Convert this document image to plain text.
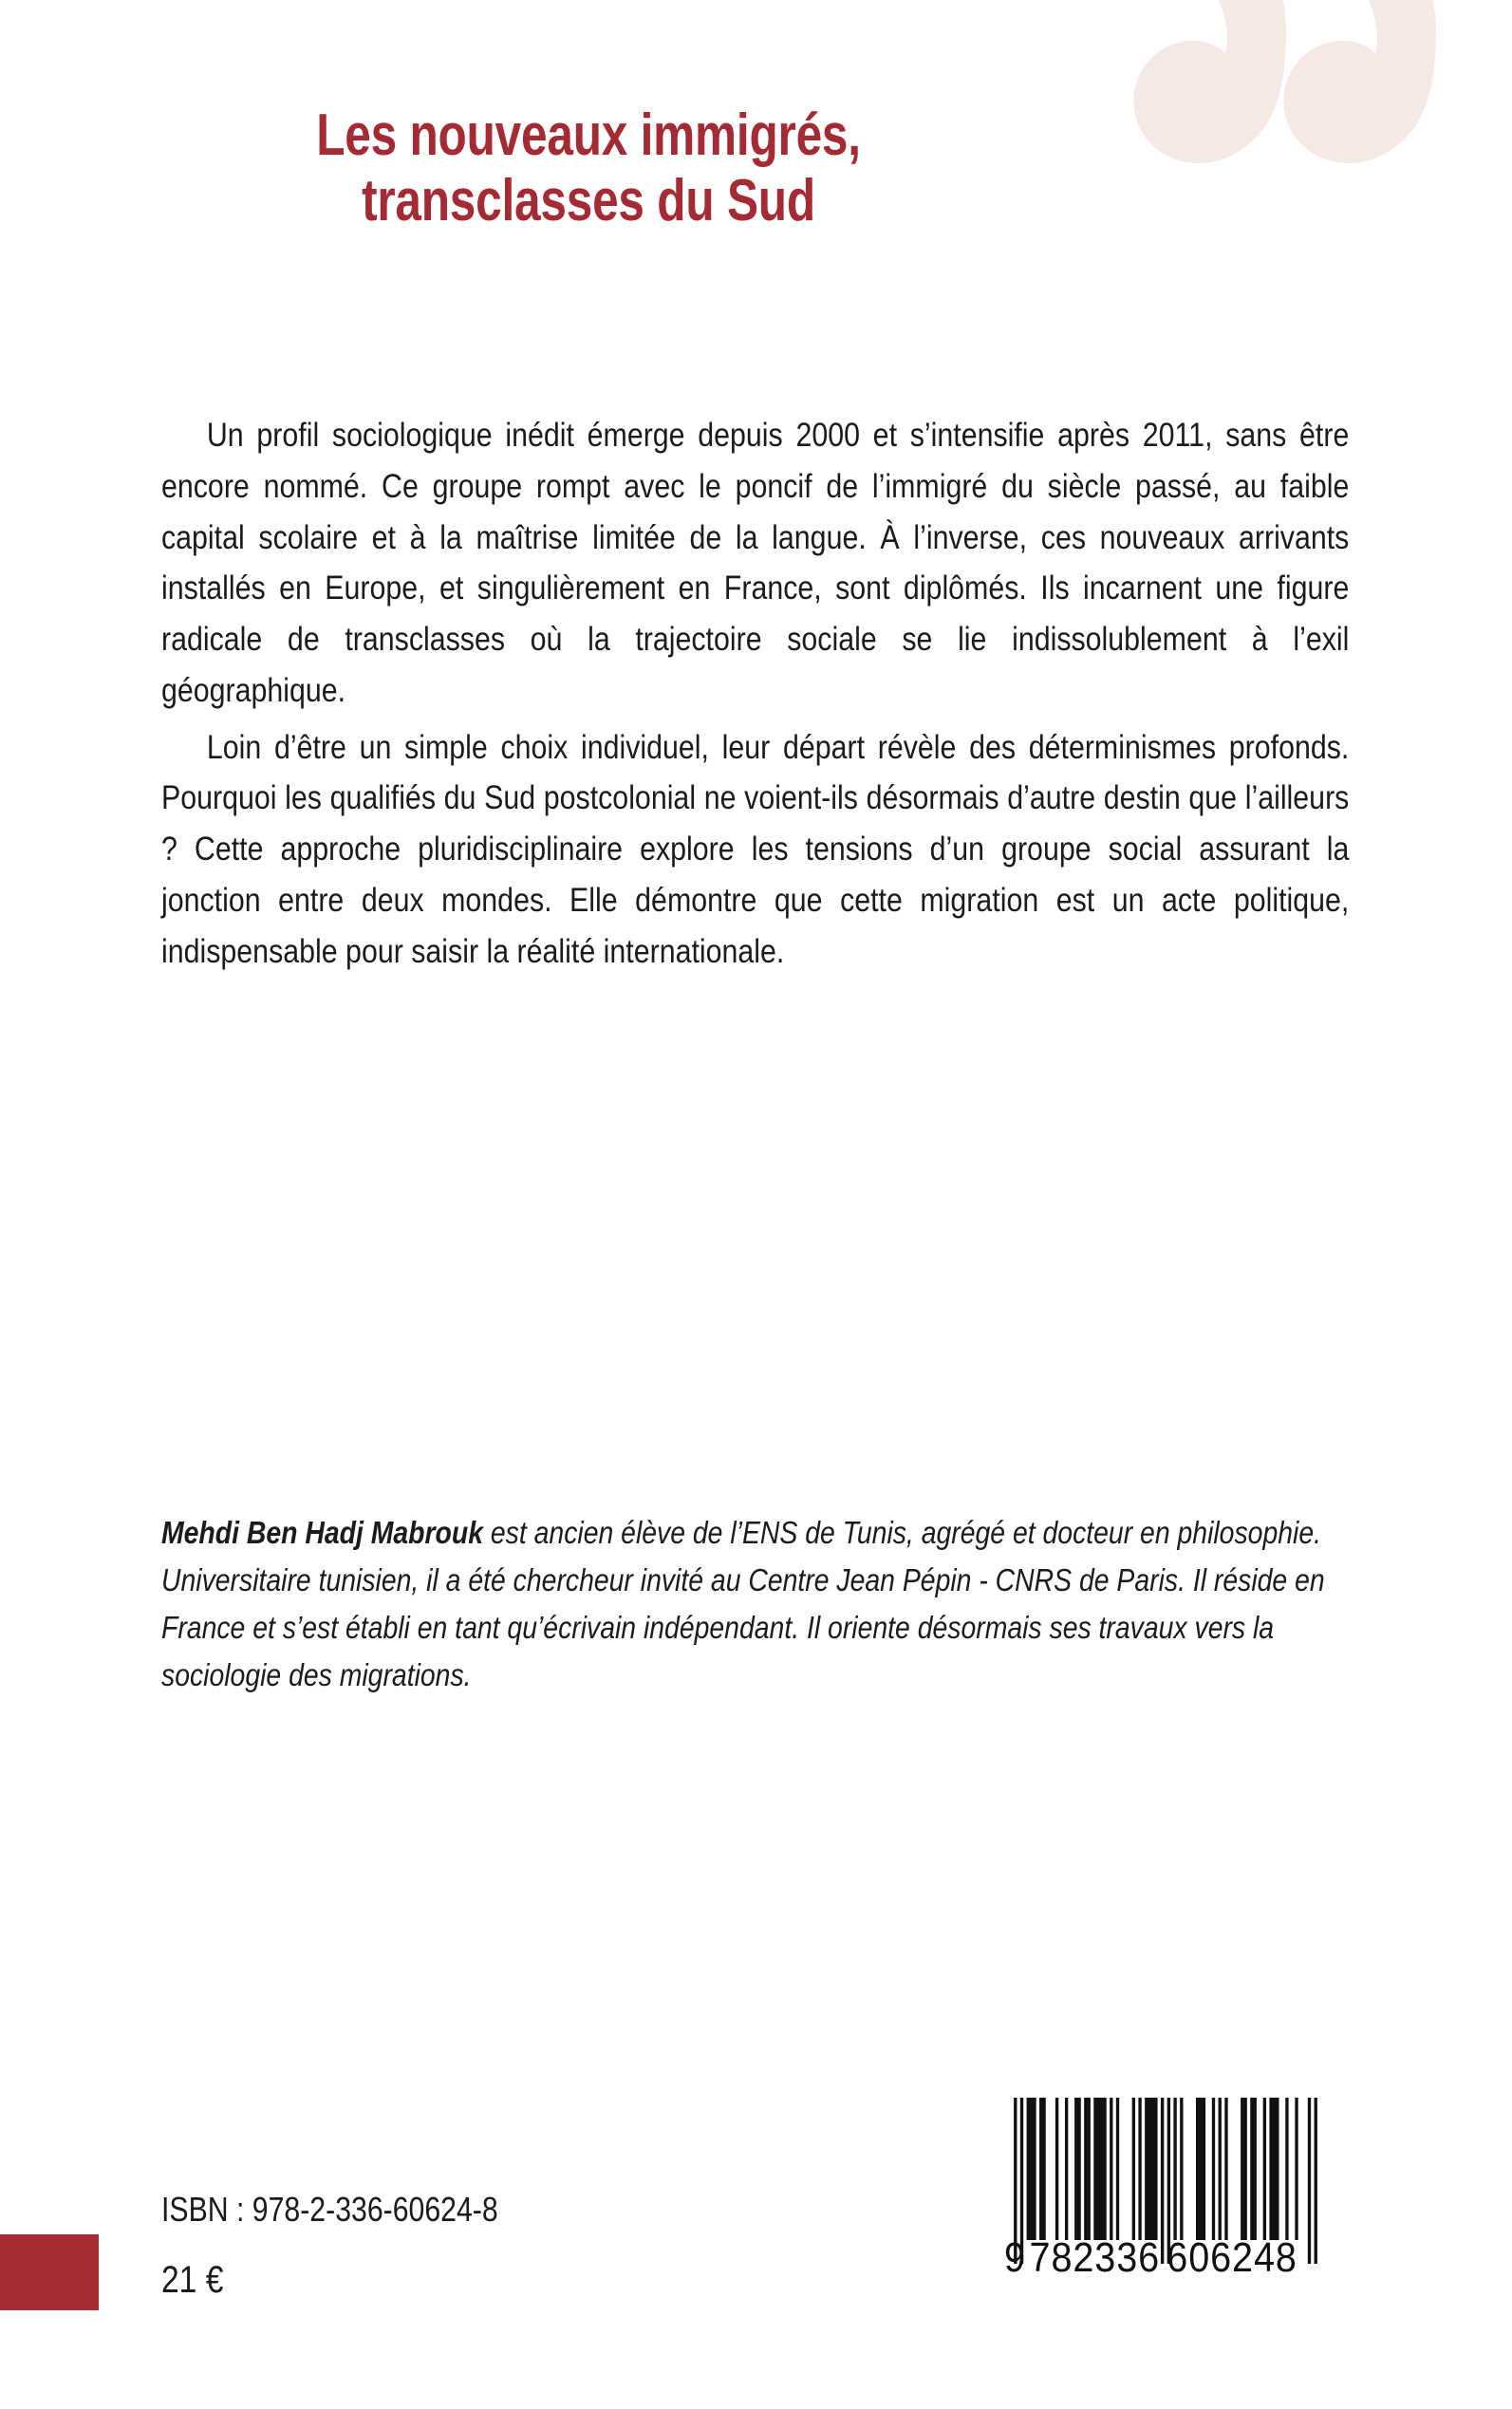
Les nouveaux immigrés,
transclasses du Sud

Un profil sociologique inédit émerge depuis 2000 et s’intensifie après 2011, sans être encore nommé. Ce groupe rompt avec le poncif de l’immigré du siècle passé, au faible capital scolaire et à la maîtrise limitée de la langue. À l’inverse, ces nouveaux arrivants installés en Europe, et singulièrement en France, sont diplômés. Ils incarnent une figure radicale de transclasses où la trajectoire sociale se lie indissolublement à l’exil géographique.

Loin d’être un simple choix individuel, leur départ révèle des déterminismes profonds. Pourquoi les qualifiés du Sud postcolonial ne voient-ils désormais d’autre destin que l’ailleurs ? Cette approche pluridisciplinaire explore les tensions d’un groupe social assurant la jonction entre deux mondes. Elle démontre que cette migration est un acte politique, indispensable pour saisir la réalité internationale.

Mehdi Ben Hadj Mabrouk est ancien élève de l’ENS de Tunis, agrégé et docteur en philosophie. Universitaire tunisien, il a été chercheur invité au Centre Jean Pépin - CNRS de Paris. Il réside en France et s’est établi en tant qu’écrivain indépendant. Il oriente désormais ses travaux vers la sociologie des migrations.

ISBN : 978-2-336-60624-8
21 €	9 782336 606248
